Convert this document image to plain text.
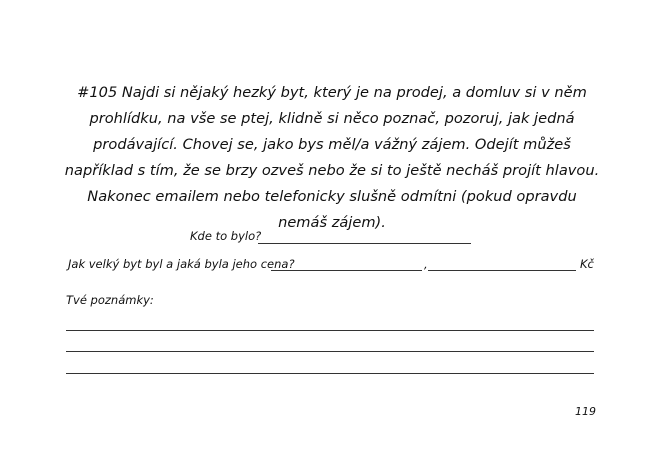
#105 Najdi si nějaký hezký byt, který je na prodej, a domluv si v něm prohlídku, na vše se ptej, klidně si něco poznač, pozoruj, jak jedná prodávající. Chovej se, jako bys měl/a vážný zájem. Odejít můžeš například s tím, že se brzy ozveš nebo že si to ještě necháš projít hlavou. Nakonec emailem nebo telefonicky slušně odmítni (pokud opravdu nemáš zájem).

Kde to bylo?
Jak velký byt byl a jaká byla jeho cena?	,	Kč
Tvé poznámky:
119
